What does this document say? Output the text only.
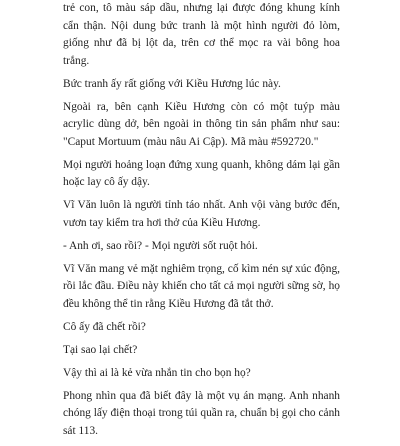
trẻ con, tô màu sáp dầu, nhưng lại được đóng khung kính cẩn thận. Nội dung bức tranh là một hình người đỏ lòm, giống như đã bị lột da, trên cơ thể mọc ra vài bông hoa trắng.

Bức tranh ấy rất giống với Kiều Hương lúc này.

Ngoài ra, bên cạnh Kiều Hương còn có một tuýp màu acrylic dùng dở, bên ngoài in thông tin sản phẩm như sau: "Caput Mortuum (màu nâu Ai Cập). Mã màu #592720."

Mọi người hoảng loạn đứng xung quanh, không dám lại gần hoặc lay cô ấy dậy.

Vĩ Văn luôn là người tỉnh táo nhất. Anh vội vàng bước đến, vươn tay kiểm tra hơi thở của Kiều Hương.

- Anh ơi, sao rồi? - Mọi người sốt ruột hỏi.

Vĩ Văn mang vẻ mặt nghiêm trọng, cố kìm nén sự xúc động, rồi lắc đầu. Điều này khiến cho tất cả mọi người sững sờ, họ đều không thể tin rằng Kiều Hương đã tắt thở.

Cô ấy đã chết rồi?

Tại sao lại chết?

Vậy thì ai là kẻ vừa nhắn tin cho bọn họ?

Phong nhìn qua đã biết đây là một vụ án mạng. Anh nhanh chóng lấy điện thoại trong túi quần ra, chuẩn bị gọi cho cảnh sát 113.
